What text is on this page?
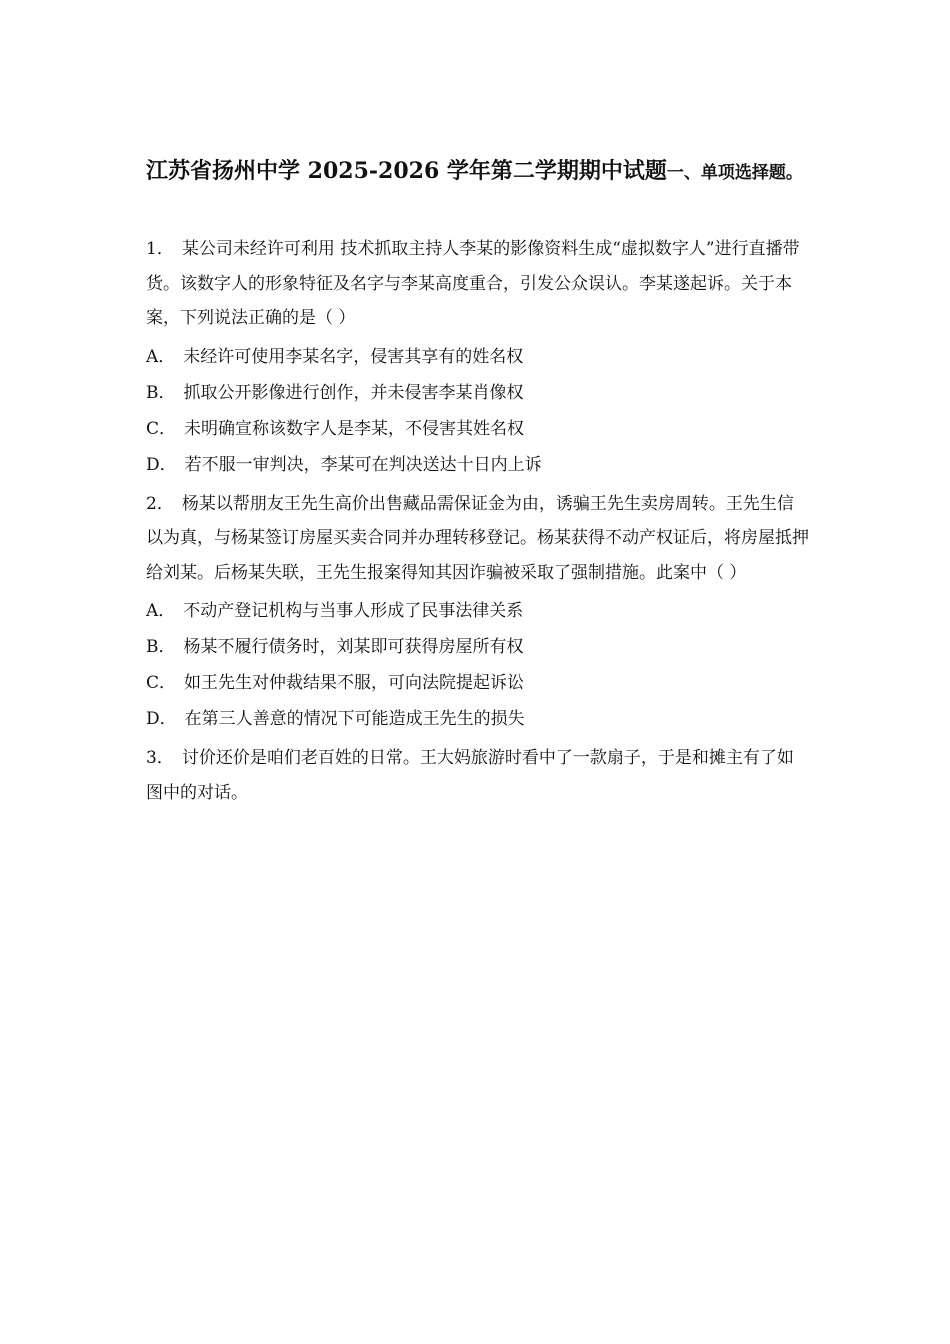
江苏省扬州中学 2025-2026 学年第二学期期中试题一、单项选择题。

1． 某公司未经许可利用 技术抓取主持人李某的影像资料生成“虚拟数字人”进行直播带货。该数字人的形象特征及名字与李某高度重合，引发公众误认。李某遂起诉。关于本案，下列说法正确的是（ ）

A． 未经许可使用李某名字，侵害其享有的姓名权

B． 抓取公开影像进行创作，并未侵害李某肖像权

C． 未明确宣称该数字人是李某，不侵害其姓名权

D． 若不服一审判决，李某可在判决送达十日内上诉

2． 杨某以帮朋友王先生高价出售藏品需保证金为由，诱骗王先生卖房周转。王先生信以为真，与杨某签订房屋买卖合同并办理转移登记。杨某获得不动产权证后，将房屋抵押给刘某。后杨某失联，王先生报案得知其因诈骗被采取了强制措施。此案中（ ）

A． 不动产登记机构与当事人形成了民事法律关系

B． 杨某不履行债务时，刘某即可获得房屋所有权

C． 如王先生对仲裁结果不服，可向法院提起诉讼

D． 在第三人善意的情况下可能造成王先生的损失

3． 讨价还价是咱们老百姓的日常。王大妈旅游时看中了一款扇子，于是和摊主有了如图中的对话。
